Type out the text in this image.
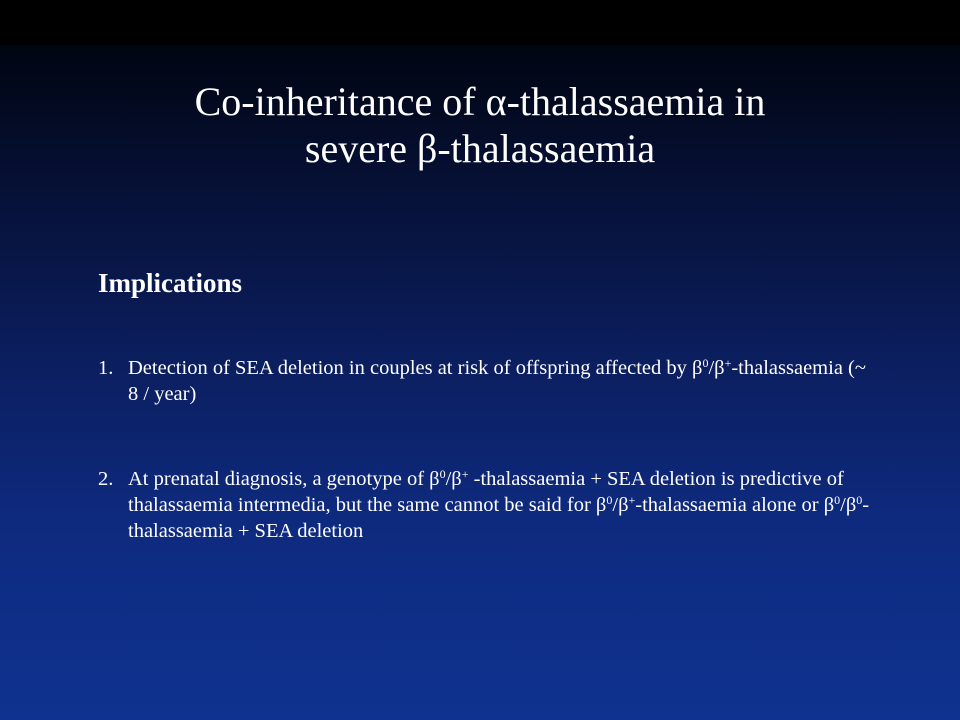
Co-inheritance of α-thalassaemia in
severe β-thalassaemia
Implications
1. Detection of SEA deletion in couples at risk of offspring affected by $\beta^0/\beta^+$-thalassaemia (~ 8 / year)
2. At prenatal diagnosis, a genotype of $\beta^0/\beta^+$ -thalassaemia + SEA deletion is predictive of thalassaemia intermedia, but the same cannot be said for $\beta^0/\beta^+$-thalassaemia alone or $\beta^0/\beta^0$-thalassaemia + SEA deletion
